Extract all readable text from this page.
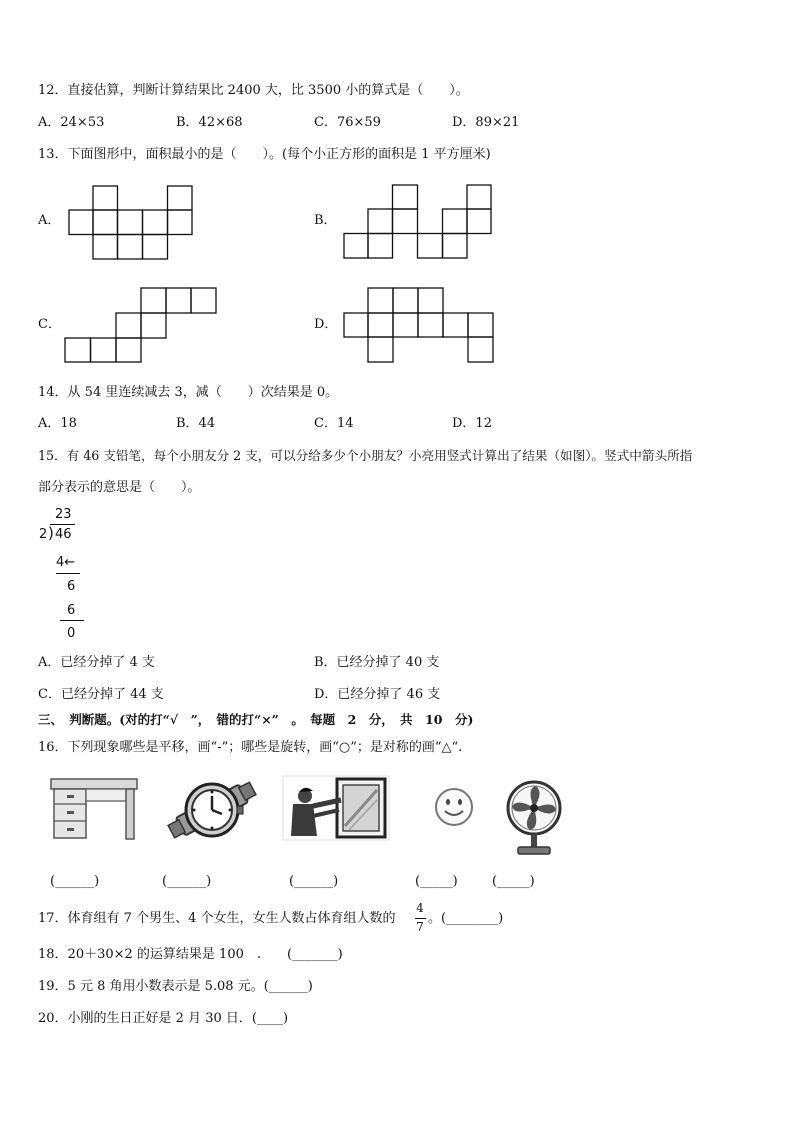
12．直接估算，判断计算结果比 2400 大，比 3500 小的算式是（　　）。
A．24×53	B．42×68	C．76×59	D．89×21
13．下面图形中，面积最小的是（　　）。(每个小正方形的面积是 1 平方厘米)
A．	B．
C．	D．
14．从 54 里连续减去 3，减（　　）次结果是 0。
A．18	B．44	C．14	D．12
15．有 46 支铅笔，每个小朋友分 2 支，可以分给多少个小朋友？小亮用竖式计算出了结果（如图）。竖式中箭头所指
部分表示的意思是（　　）。
23
2 ) 46
4←
6
6
0
A．已经分掉了 4 支	B．已经分掉了 40 支
C．已经分掉了 44 支	D．已经分掉了 46 支
三、　判断题。(对的打“√　”，　错的打“×”　。　每题　2　分，　共　10　分)
16．下列现象哪些是平移，画“-”；哪些是旋转，画“○”；是对称的画“△“.
(______)	(______)	(______)	(_____)	(_____)
17．体育组有 7 个男生、4 个女生，女生人数占体育组人数的
4
7
。(________)
18．20＋30×2 的运算结果是 100　.　　(_______)
19．5 元 8 角用小数表示是 5.08 元。(______)
20．小刚的生日正好是 2 月 30 日．(____)
